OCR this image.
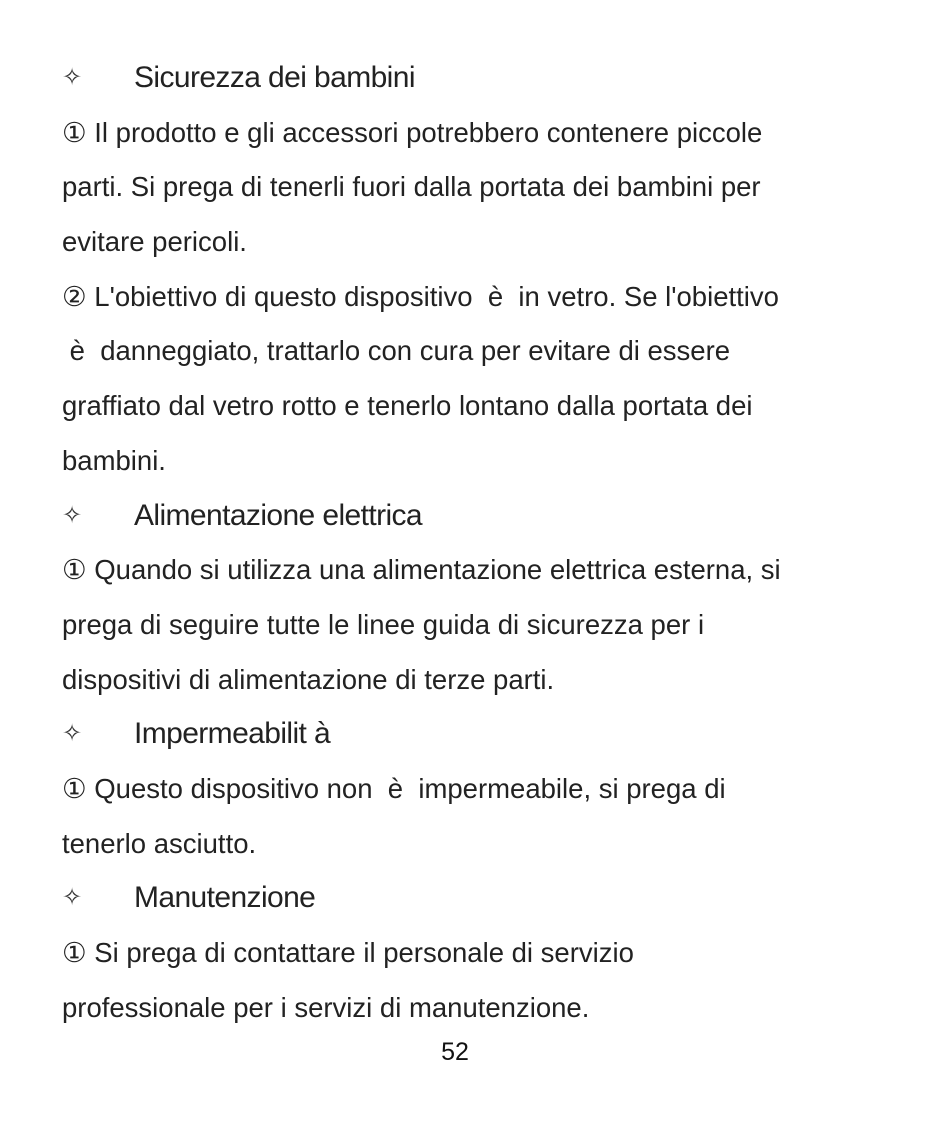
✧ Sicurezza dei bambini
① Il prodotto e gli accessori potrebbero contenere piccole
parti. Si prega di tenerli fuori dalla portata dei bambini per
evitare pericoli.
② L'obiettivo di questo dispositivo  è  in vetro. Se l'obiettivo
è  danneggiato, trattarlo con cura per evitare di essere
graffiato dal vetro rotto e tenerlo lontano dalla portata dei
bambini.
✧ Alimentazione elettrica
① Quando si utilizza una alimentazione elettrica esterna, si
prega di seguire tutte le linee guida di sicurezza per i
dispositivi di alimentazione di terze parti.
✧ Impermeabilit à
① Questo dispositivo non  è  impermeabile, si prega di
tenerlo asciutto.
✧ Manutenzione
① Si prega di contattare il personale di servizio
professionale per i servizi di manutenzione.
52
